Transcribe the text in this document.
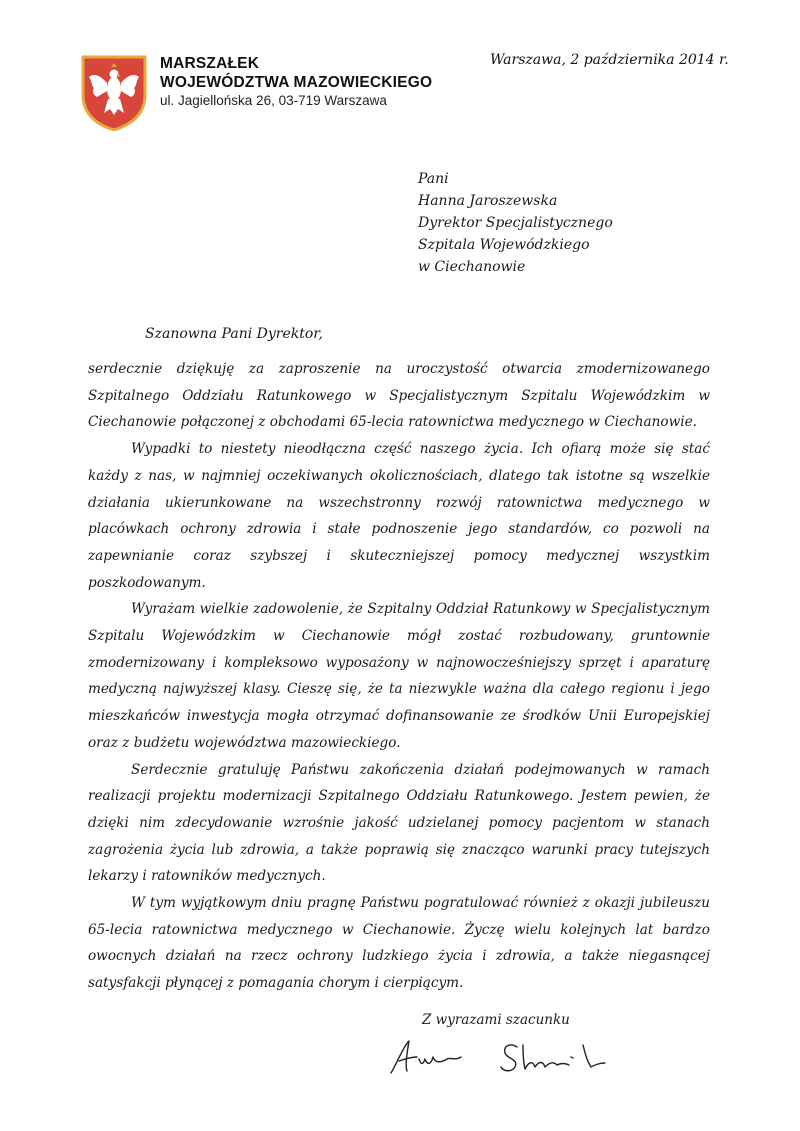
MARSZAŁEK
WOJEWÓDZTWA MAZOWIECKIEGO
ul. Jagiellońska 26, 03-719 Warszawa
Warszawa, 2 października 2014 r.
Pani
Hanna Jaroszewska
Dyrektor Specjalistycznego
Szpitala Wojewódzkiego
w Ciechanowie
Szanowna Pani Dyrektor,

serdecznie dziękuję za zaproszenie na uroczystość otwarcia zmodernizowanego Szpitalnego Oddziału Ratunkowego w Specjalistycznym Szpitalu Wojewódzkim w Ciechanowie połączonej z obchodami 65-lecia ratownictwa medycznego w Ciechanowie.

Wypadki to niestety nieodłączna część naszego życia. Ich ofiarą może się stać każdy z nas, w najmniej oczekiwanych okolicznościach, dlatego tak istotne są wszelkie działania ukierunkowane na wszechstronny rozwój ratownictwa medycznego w placówkach ochrony zdrowia i stałe podnoszenie jego standardów, co pozwoli na zapewnianie coraz szybszej i skuteczniejszej pomocy medycznej wszystkim poszkodowanym.

Wyrażam wielkie zadowolenie, że Szpitalny Oddział Ratunkowy w Specjalistycznym Szpitalu Wojewódzkim w Ciechanowie mógł zostać rozbudowany, gruntownie zmodernizowany i kompleksowo wyposażony w najnowocześniejszy sprzęt i aparaturę medyczną najwyższej klasy. Cieszę się, że ta niezwykle ważna dla całego regionu i jego mieszkańców inwestycja mogła otrzymać dofinansowanie ze środków Unii Europejskiej oraz z budżetu województwa mazowieckiego.

Serdecznie gratuluję Państwu zakończenia działań podejmowanych w ramach realizacji projektu modernizacji Szpitalnego Oddziału Ratunkowego. Jestem pewien, że dzięki nim zdecydowanie wzrośnie jakość udzielanej pomocy pacjentom w stanach zagrożenia życia lub zdrowia, a także poprawią się znacząco warunki pracy tutejszych lekarzy i ratowników medycznych.

W tym wyjątkowym dniu pragnę Państwu pogratulować również z okazji jubileuszu 65-lecia ratownictwa medycznego w Ciechanowie. Życzę wielu kolejnych lat bardzo owocnych działań na rzecz ochrony ludzkiego życia i zdrowia, a także niegasnącej satysfakcji płynącej z pomagania chorym i cierpiącym.

Z wyrazami szacunku
